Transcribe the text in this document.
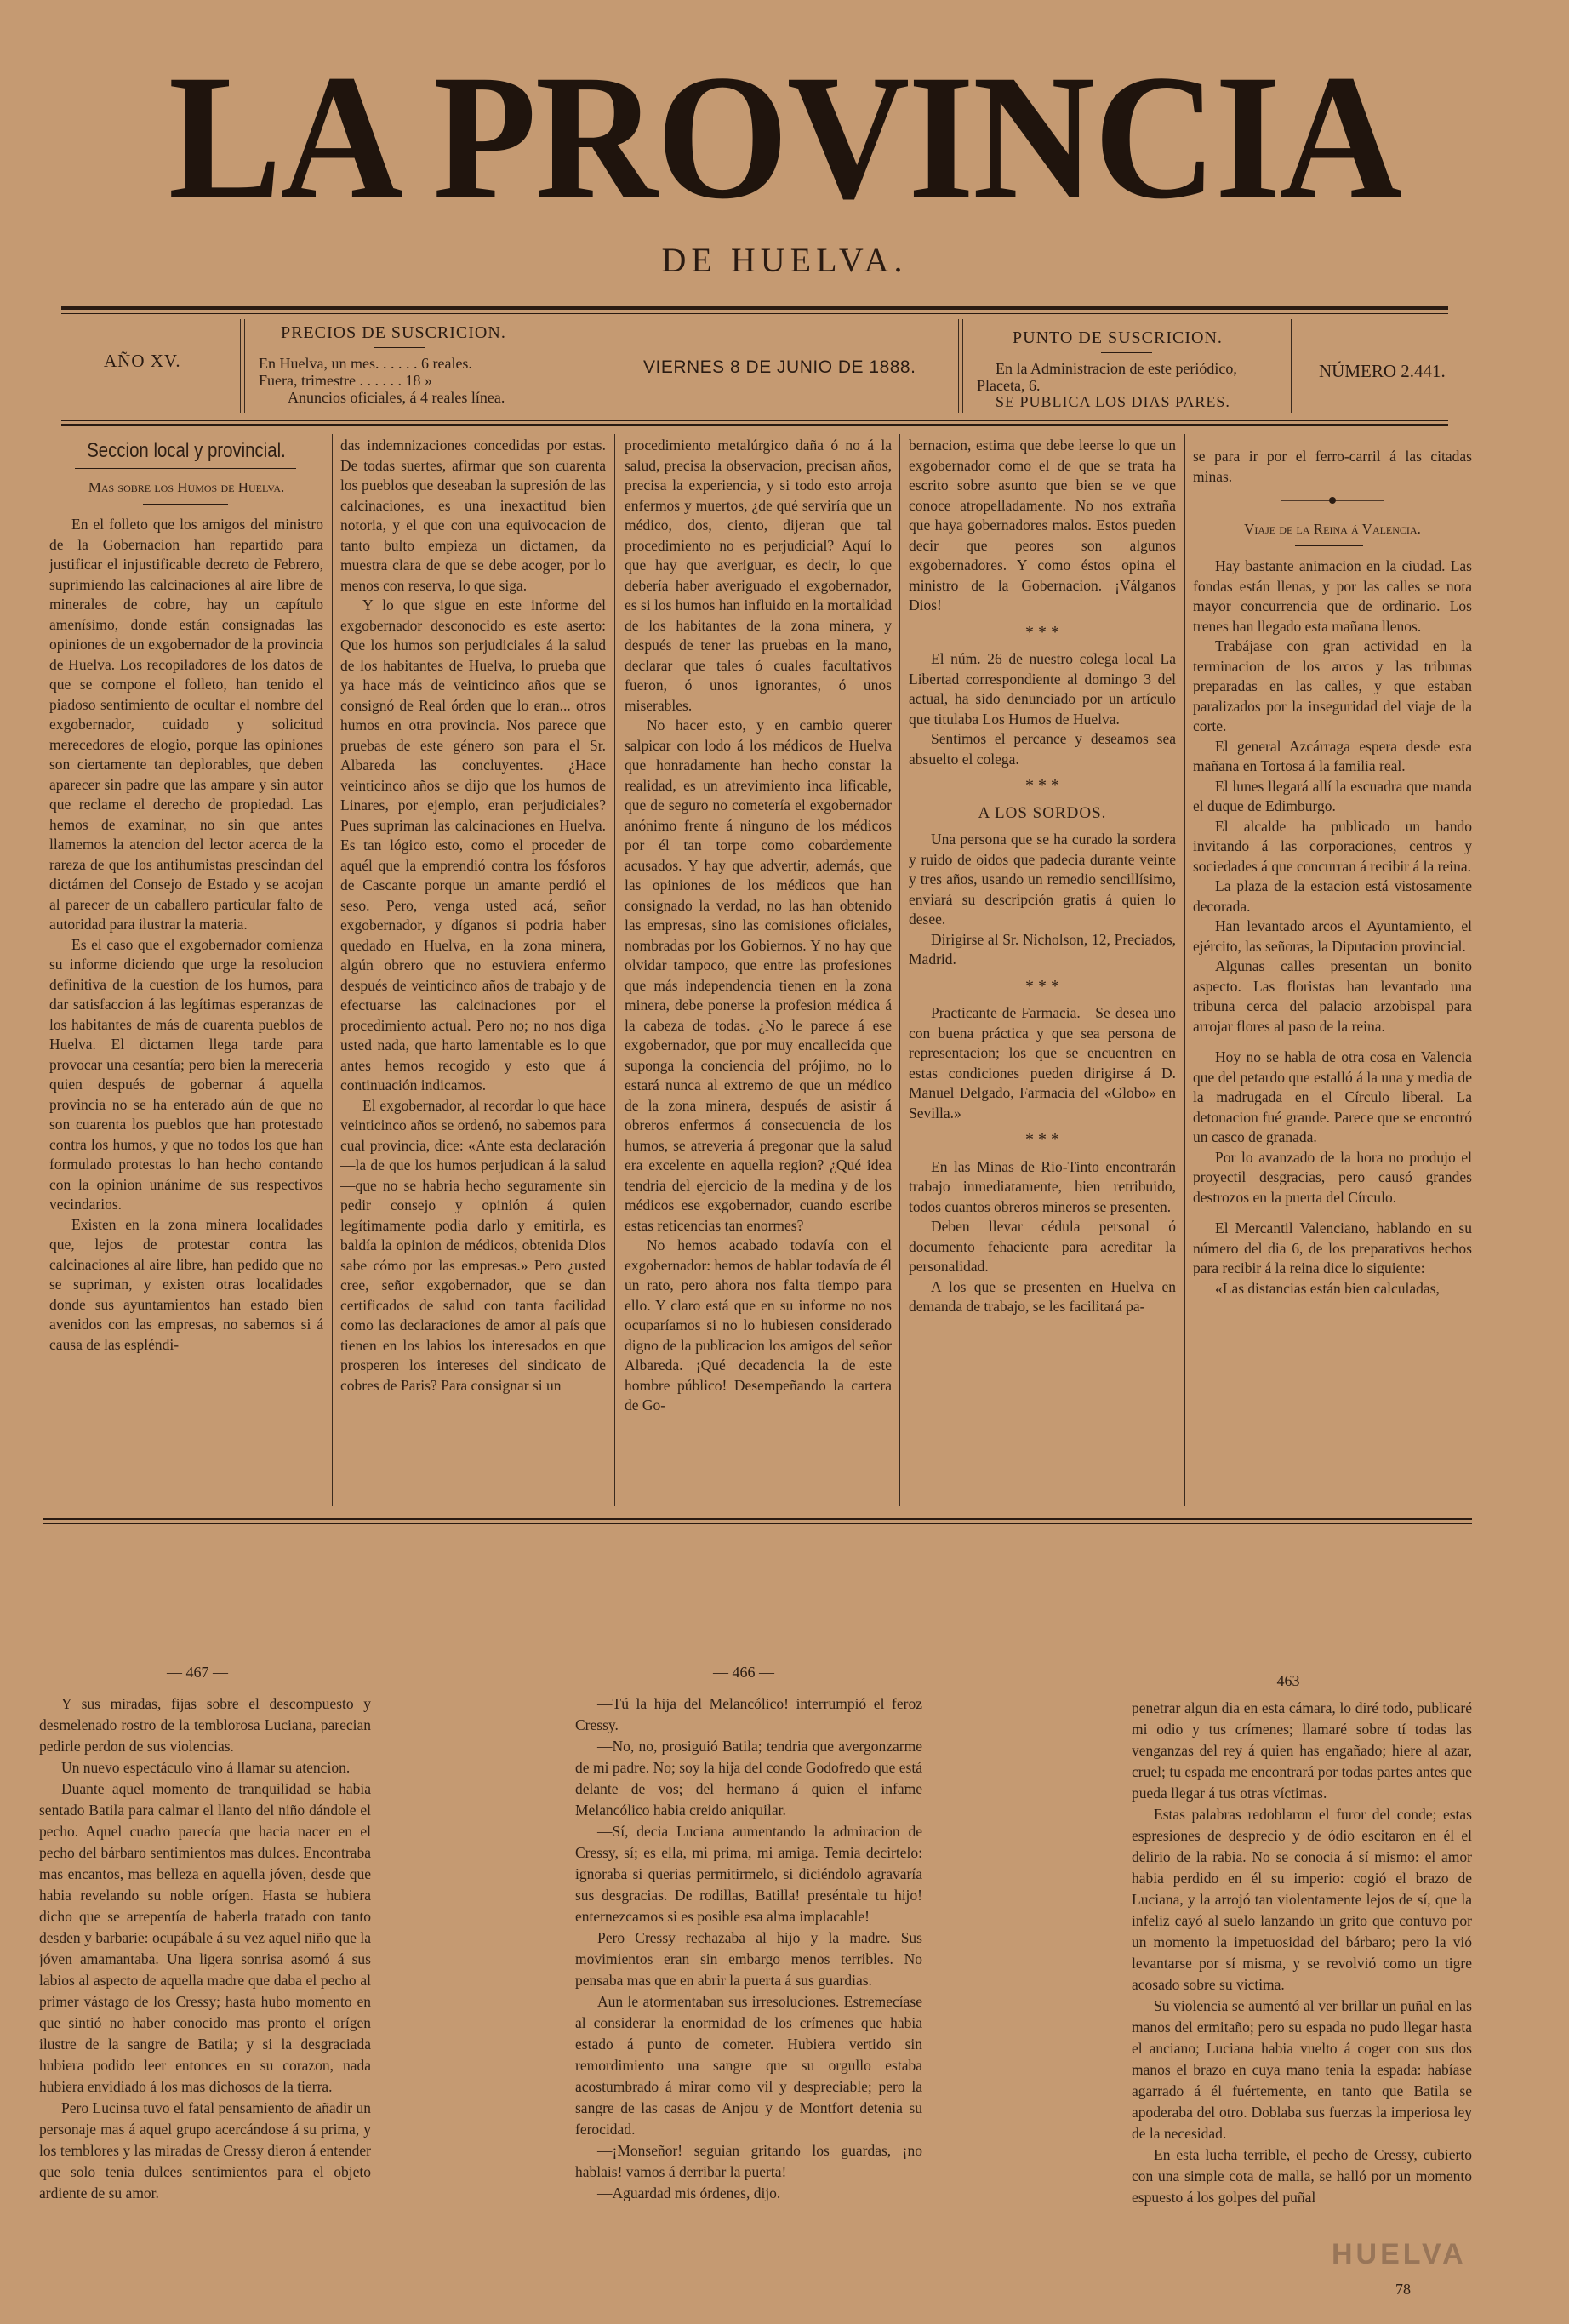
LA PROVINCIA
DE HUELVA.
AÑO XV.
PRECIOS DE SUSCRICION.
En Huelva, un mes. . . . . . 6 reales.
Fuera, trimestre . . . . . . 18 »
Anuncios oficiales, á 4 reales línea.
VIERNES 8 DE JUNIO DE 1888.
PUNTO DE SUSCRICION.
En la Administracion de este periódico,
Placeta, 6.
SE PUBLICA LOS DIAS PARES.
NÚMERO 2.441.
Seccion local y provincial.
Mas sobre los Humos de Huelva.

En el folleto que los amigos del ministro de la Gobernacion han repartido para justificar el injustificable decreto de Febrero, suprimiendo las calcinaciones al aire libre de minerales de cobre, hay un capítulo amenísimo, donde están consignadas las opiniones de un exgobernador de la provincia de Huelva. Los recopiladores de los datos de que se compone el folleto, han tenido el piadoso sentimiento de ocultar el nombre del exgobernador, cuidado y solicitud merecedores de elogio, porque las opiniones son ciertamente tan deplorables, que deben aparecer sin padre que las ampare y sin autor que reclame el derecho de propiedad. Las hemos de examinar, no sin que antes llamemos la atencion del lector acerca de la rareza de que los antihumistas prescindan del dictámen del Consejo de Estado y se acojan al parecer de un caballero particular falto de autoridad para ilustrar la materia.

Es el caso que el exgobernador comienza su informe diciendo que urge la resolucion definitiva de la cuestion de los humos, para dar satisfaccion á las legítimas esperanzas de los habitantes de más de cuarenta pueblos de Huelva. El dictamen llega tarde para provocar una cesantía; pero bien la mereceria quien después de gobernar á aquella provincia no se ha enterado aún de que no son cuarenta los pueblos que han protestado contra los humos, y que no todos los que han formulado protestas lo han hecho contando con la opinion unánime de sus respectivos vecindarios.

Existen en la zona minera localidades que, lejos de protestar contra las calcinaciones al aire libre, han pedido que no se supriman, y existen otras localidades donde sus ayuntamientos han estado bien avenidos con las empresas, no sabemos si á causa de las espléndi-

das indemnizaciones concedidas por estas. De todas suertes, afirmar que son cuarenta los pueblos que deseaban la supresión de las calcinaciones, es una inexactitud bien notoria, y el que con una equivocacion de tanto bulto empieza un dictamen, da muestra clara de que se debe acoger, por lo menos con reserva, lo que siga.

Y lo que sigue en este informe del exgobernador desconocido es este aserto: Que los humos son perjudiciales á la salud de los habitantes de Huelva, lo prueba que ya hace más de veinticinco años que se consignó de Real órden que lo eran... otros humos en otra provincia. Nos parece que pruebas de este género son para el Sr. Albareda las concluyentes. ¿Hace veinticinco años se dijo que los humos de Linares, por ejemplo, eran perjudiciales? Pues supriman las calcinaciones en Huelva. Es tan lógico esto, como el proceder de aquél que la emprendió contra los fósforos de Cascante porque un amante perdió el seso. Pero, venga usted acá, señor exgobernador, y díganos si podria haber quedado en Huelva, en la zona minera, algún obrero que no estuviera enfermo después de veinticinco años de trabajo y de efectuarse las calcinaciones por el procedimiento actual. Pero no; no nos diga usted nada, que harto lamentable es lo que antes hemos recogido y esto que á continuación indicamos.

El exgobernador, al recordar lo que hace veinticinco años se ordenó, no sabemos para cual provincia, dice: «Ante esta declaración—la de que los humos perjudican á la salud—que no se habria hecho seguramente sin pedir consejo y opinión á quien legítimamente podia darlo y emitirla, es baldía la opinion de médicos, obtenida Dios sabe cómo por las empresas.» Pero ¿usted cree, señor exgobernador, que se dan certificados de salud con tanta facilidad como las declaraciones de amor al país que tienen en los labios los interesados en que prosperen los intereses del sindicato de cobres de Paris? Para consignar si un

procedimiento metalúrgico daña ó no á la salud, precisa la observacion, precisan años, precisa la experiencia, y si todo esto arroja enfermos y muertos, ¿de qué serviría que un médico, dos, ciento, dijeran que tal procedimiento no es perjudicial? Aquí lo que hay que averiguar, es decir, lo que debería haber averiguado el exgobernador, es si los humos han influido en la mortalidad de los habitantes de la zona minera, y después de tener las pruebas en la mano, declarar que tales ó cuales facultativos fueron, ó unos ignorantes, ó unos miserables.

No hacer esto, y en cambio querer salpicar con lodo á los médicos de Huelva que honradamente han hecho constar la realidad, es un atrevimiento inca lificable, que de seguro no cometería el exgobernador anónimo frente á ninguno de los médicos por él tan torpe como cobardemente acusados. Y hay que advertir, además, que las opiniones de los médicos que han consignado la verdad, no las han obtenido las empresas, sino las comisiones oficiales, nombradas por los Gobiernos. Y no hay que olvidar tampoco, que entre las profesiones que más independencia tienen en la zona minera, debe ponerse la profesion médica á la cabeza de todas. ¿No le parece á ese exgobernador, que por muy encallecida que suponga la conciencia del prójimo, no lo estará nunca al extremo de que un médico de la zona minera, después de asistir á obreros enfermos á consecuencia de los humos, se atreveria á pregonar que la salud era excelente en aquella region? ¿Qué idea tendria del ejercicio de la medina y de los médicos ese exgobernador, cuando escribe estas reticencias tan enormes?

No hemos acabado todavía con el exgobernador: hemos de hablar todavía de él un rato, pero ahora nos falta tiempo para ello. Y claro está que en su informe no nos ocuparíamos si no lo hubiesen considerado digno de la publicacion los amigos del señor Albareda. ¡Qué decadencia la de este hombre público! Desempeñando la cartera de Go-

bernacion, estima que debe leerse lo que un exgobernador como el de que se trata ha escrito sobre asunto que bien se ve que conoce atropelladamente. No nos extraña que haya gobernadores malos. Estos pueden decir que peores son algunos exgobernadores. Y como éstos opina el ministro de la Gobernacion. ¡Válganos Dios!

* * *

El núm. 26 de nuestro colega local La Libertad correspondiente al domingo 3 del actual, ha sido denunciado por un artículo que titulaba Los Humos de Huelva.

Sentimos el percance y deseamos sea absuelto el colega.

* * *
A LOS SORDOS.

Una persona que se ha curado la sordera y ruido de oidos que padecia durante veinte y tres años, usando un remedio sencillísimo, enviará su descripción gratis á quien lo desee.

Dirigirse al Sr. Nicholson, 12, Preciados, Madrid.

* * *

Practicante de Farmacia.—Se desea uno con buena práctica y que sea persona de representacion; los que se encuentren en estas condiciones pueden dirigirse á D. Manuel Delgado, Farmacia del «Globo» en Sevilla.»

* * *

En las Minas de Rio-Tinto encontrarán trabajo inmediatamente, bien retribuido, todos cuantos obreros mineros se presenten.

Deben llevar cédula personal ó documento fehaciente para acreditar la personalidad.

A los que se presenten en Huelva en demanda de trabajo, se les facilitará pa-

se para ir por el ferro-carril á las citadas minas.

Viaje de la Reina á Valencia.

Hay bastante animacion en la ciudad. Las fondas están llenas, y por las calles se nota mayor concurrencia que de ordinario. Los trenes han llegado esta mañana llenos.

Trabájase con gran actividad en la terminacion de los arcos y las tribunas preparadas en las calles, y que estaban paralizados por la inseguridad del viaje de la corte.

El general Azcárraga espera desde esta mañana en Tortosa á la familia real.

El lunes llegará allí la escuadra que manda el duque de Edimburgo.

El alcalde ha publicado un bando invitando á las corporaciones, centros y sociedades á que concurran á recibir á la reina.

La plaza de la estacion está vistosamente decorada.

Han levantado arcos el Ayuntamiento, el ejército, las señoras, la Diputacion provincial.

Algunas calles presentan un bonito aspecto. Las floristas han levantado una tribuna cerca del palacio arzobispal para arrojar flores al paso de la reina.

Hoy no se habla de otra cosa en Valencia que del petardo que estalló á la una y media de la madrugada en el Círculo liberal. La detonacion fué grande. Parece que se encontró un casco de granada.

Por lo avanzado de la hora no produjo el proyectil desgracias, pero causó grandes destrozos en la puerta del Círculo.

El Mercantil Valenciano, hablando en su número del dia 6, de los preparativos hechos para recibir á la reina dice lo siguiente:

«Las distancias están bien calculadas,

— 467 —	— 466 —	— 463 —

Y sus miradas, fijas sobre el descompuesto y desmelenado rostro de la temblorosa Luciana, parecian pedirle perdon de sus violencias.

Un nuevo espectáculo vino á llamar su atencion.

Duante aquel momento de tranquilidad se habia sentado Batila para calmar el llanto del niño dándole el pecho. Aquel cuadro parecía que hacia nacer en el pecho del bárbaro sentimientos mas dulces. Encontraba mas encantos, mas belleza en aquella jóven, desde que habia revelando su noble orígen. Hasta se hubiera dicho que se arrepentía de haberla tratado con tanto desden y barbarie: ocupábale á su vez aquel niño que la jóven amamantaba. Una ligera sonrisa asomó á sus labios al aspecto de aquella madre que daba el pecho al primer vástago de los Cressy; hasta hubo momento en que sintió no haber conocido mas pronto el orígen ilustre de la sangre de Batila; y si la desgraciada hubiera podido leer entonces en su corazon, nada hubiera envidiado á los mas dichosos de la tierra.

Pero Lucinsa tuvo el fatal pensamiento de añadir un personaje mas á aquel grupo acercándose á su prima, y los temblores y las miradas de Cressy dieron á entender que solo tenia dulces sentimientos para el objeto ardiente de su amor.

—Tú la hija del Melancólico! interrumpió el feroz Cressy.

—No, no, prosiguió Batila; tendria que avergonzarme de mi padre. No; soy la hija del conde Godofredo que está delante de vos; del hermano á quien el infame Melancólico habia creido aniquilar.

—Sí, decia Luciana aumentando la admiracion de Cressy, sí; es ella, mi prima, mi amiga. Temia decirtelo: ignoraba si querias permitirmelo, si diciéndolo agravaría sus desgracias. De rodillas, Batilla! preséntale tu hijo! enternezcamos si es posible esa alma implacable!

Pero Cressy rechazaba al hijo y la madre. Sus movimientos eran sin embargo menos terribles. No pensaba mas que en abrir la puerta á sus guardias.

Aun le atormentaban sus irresoluciones. Estremecíase al considerar la enormidad de los crímenes que habia estado á punto de cometer. Hubiera vertido sin remordimiento una sangre que su orgullo estaba acostumbrado á mirar como vil y despreciable; pero la sangre de las casas de Anjou y de Montfort detenia su ferocidad.

—¡Monseñor! seguian gritando los guardas, ¡no hablais! vamos á derribar la puerta!

—Aguardad mis órdenes, dijo.

penetrar algun dia en esta cámara, lo diré todo, publicaré mi odio y tus crímenes; llamaré sobre tí todas las venganzas del rey á quien has engañado; hiere al azar, cruel; tu espada me encontrará por todas partes antes que pueda llegar á tus otras víctimas.

Estas palabras redoblaron el furor del conde; estas espresiones de desprecio y de ódio escitaron en él el delirio de la rabia. No se conocia á sí mismo: el amor habia perdido en él su imperio: cogió el brazo de Luciana, y la arrojó tan violentamente lejos de sí, que la infeliz cayó al suelo lanzando un grito que contuvo por un momento la impetuosidad del bárbaro; pero la vió levantarse por sí misma, y se revolvió como un tigre acosado sobre su victima.

Su violencia se aumentó al ver brillar un puñal en las manos del ermitaño; pero su espada no pudo llegar hasta el anciano; Luciana habia vuelto á coger con sus dos manos el brazo en cuya mano tenia la espada: habíase agarrado á él fuértemente, en tanto que Batila se apoderaba del otro. Doblaba sus fuerzas la imperiosa ley de la necesidad.

En esta lucha terrible, el pecho de Cressy, cubierto con una simple cota de malla, se halló por un momento espuesto á los golpes del puñal

78
HUELVA
